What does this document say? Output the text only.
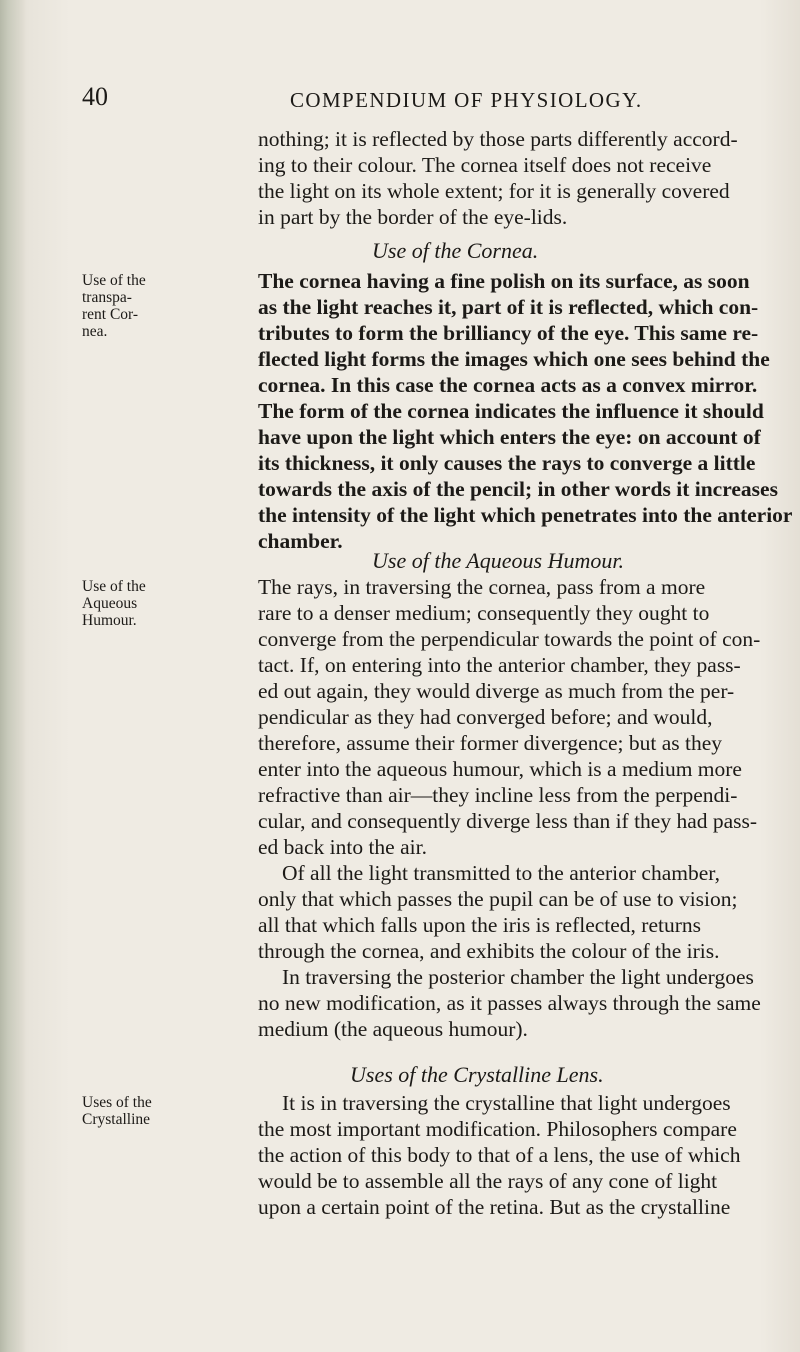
40	COMPENDIUM OF PHYSIOLOGY.
nothing; it is reflected by those parts differently accord-
ing to their colour. The cornea itself does not receive
the light on its whole extent; for it is generally covered
in part by the border of the eye-lids.
Use of the Cornea.
Use of the
transpa-
rent Cor-
nea.
The cornea having a fine polish on its surface, as soon
as the light reaches it, part of it is reflected, which con-
tributes to form the brilliancy of the eye. This same re-
flected light forms the images which one sees behind the
cornea. In this case the cornea acts as a convex mirror.
The form of the cornea indicates the influence it should
have upon the light which enters the eye: on account of
its thickness, it only causes the rays to converge a little
towards the axis of the pencil; in other words it increases
the intensity of the light which penetrates into the anterior
chamber.
Use of the Aqueous Humour.
Use of the
Aqueous
Humour.
The rays, in traversing the cornea, pass from a more
rare to a denser medium; consequently they ought to
converge from the perpendicular towards the point of con-
tact. If, on entering into the anterior chamber, they pass-
ed out again, they would diverge as much from the per-
pendicular as they had converged before; and would,
therefore, assume their former divergence; but as they
enter into the aqueous humour, which is a medium more
refractive than air—they incline less from the perpendi-
cular, and consequently diverge less than if they had pass-
ed back into the air.
Of all the light transmitted to the anterior chamber,
only that which passes the pupil can be of use to vision;
all that which falls upon the iris is reflected, returns
through the cornea, and exhibits the colour of the iris.
In traversing the posterior chamber the light undergoes
no new modification, as it passes always through the same
medium (the aqueous humour).
Uses of the Crystalline Lens.
Uses of the
Crystalline
It is in traversing the crystalline that light undergoes
the most important modification. Philosophers compare
the action of this body to that of a lens, the use of which
would be to assemble all the rays of any cone of light
upon a certain point of the retina. But as the crystalline
